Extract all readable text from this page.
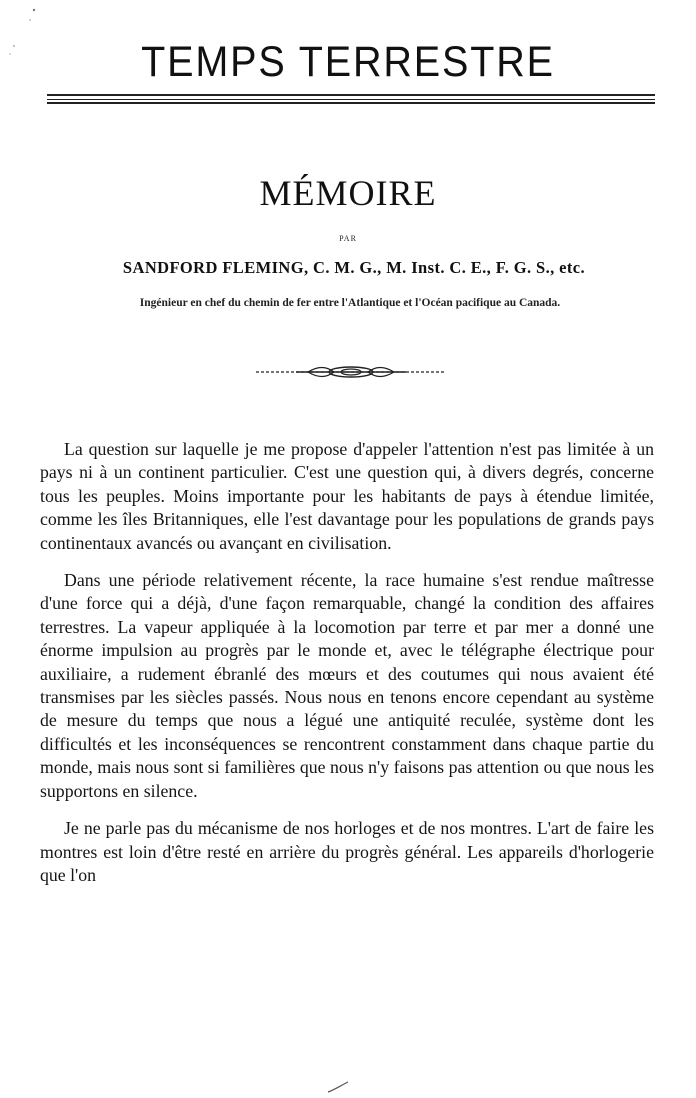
TEMPS TERRESTRE
MÉMOIRE
PAR
SANDFORD FLEMING, C. M. G., M. Inst. C. E., F. G. S., etc.
Ingénieur en chef du chemin de fer entre l'Atlantique et l'Océan pacifique au Canada.

La question sur laquelle je me propose d'appeler l'attention n'est pas limitée à un pays ni à un continent particulier. C'est une question qui, à divers degrés, concerne tous les peuples. Moins importante pour les habitants de pays à étendue limitée, comme les îles Britanniques, elle l'est davantage pour les populations de grands pays continentaux avancés ou avançant en civilisation.

Dans une période relativement récente, la race humaine s'est rendue maîtresse d'une force qui a déjà, d'une façon remarquable, changé la condition des affaires terrestres. La vapeur appliquée à la locomotion par terre et par mer a donné une énorme impulsion au progrès par le monde et, avec le télégraphe électrique pour auxiliaire, a rudement ébranlé des mœurs et des coutumes qui nous avaient été transmises par les siècles passés. Nous nous en tenons encore cependant au système de mesure du temps que nous a légué une antiquité reculée, système dont les difficultés et les inconséquences se rencontrent constamment dans chaque partie du monde, mais nous sont si familières que nous n'y faisons pas attention ou que nous les supportons en silence.

Je ne parle pas du mécanisme de nos horloges et de nos montres. L'art de faire les montres est loin d'être resté en arrière du progrès général. Les appareils d'horlogerie que l'on
